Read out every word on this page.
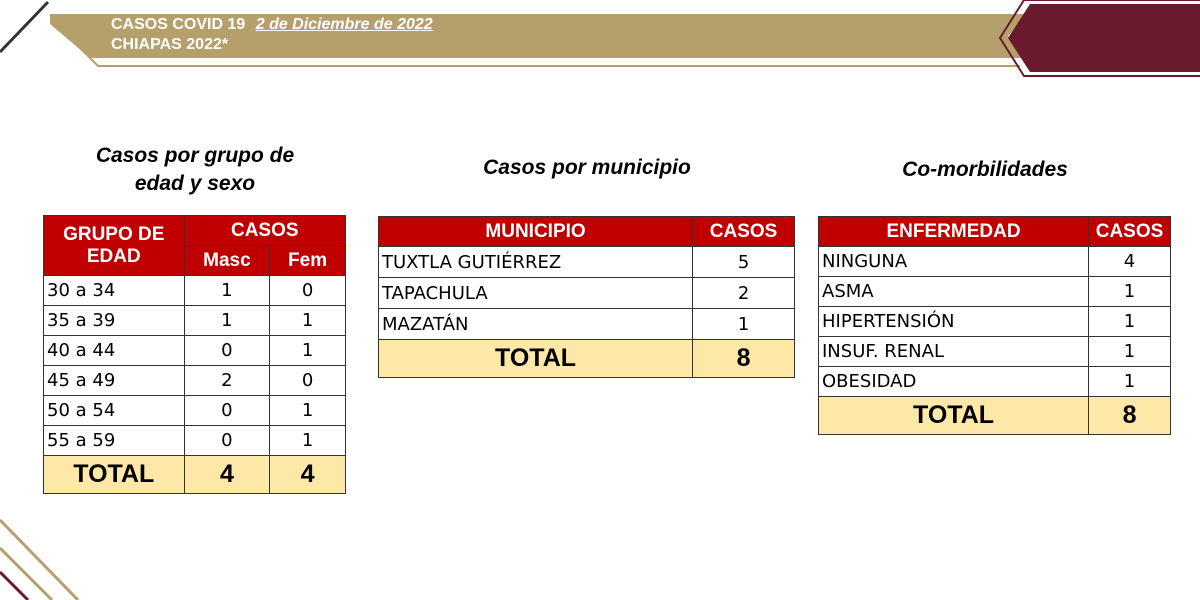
CASOS COVID 19 2 de Diciembre de 2022
CHIAPAS 2022*
Casos por grupo de
edad y sexo
GRUPO DE
EDAD	CASOS	
	Masc	Fem
30 a 34	1	0
35 a 39	1	1
40 a 44	0	1
45 a 49	2	0
50 a 54	0	1
55 a 59	0	1
TOTAL	4	4
Casos por municipio
MUNICIPIO	CASOS
TUXTLA GUTIÉRREZ	5
TAPACHULA	2
MAZATÁN	1
TOTAL	8
Co-morbilidades
ENFERMEDAD	CASOS
NINGUNA	4
ASMA	1
HIPERTENSIÓN	1
INSUF. RENAL	1
OBESIDAD	1
TOTAL	8
